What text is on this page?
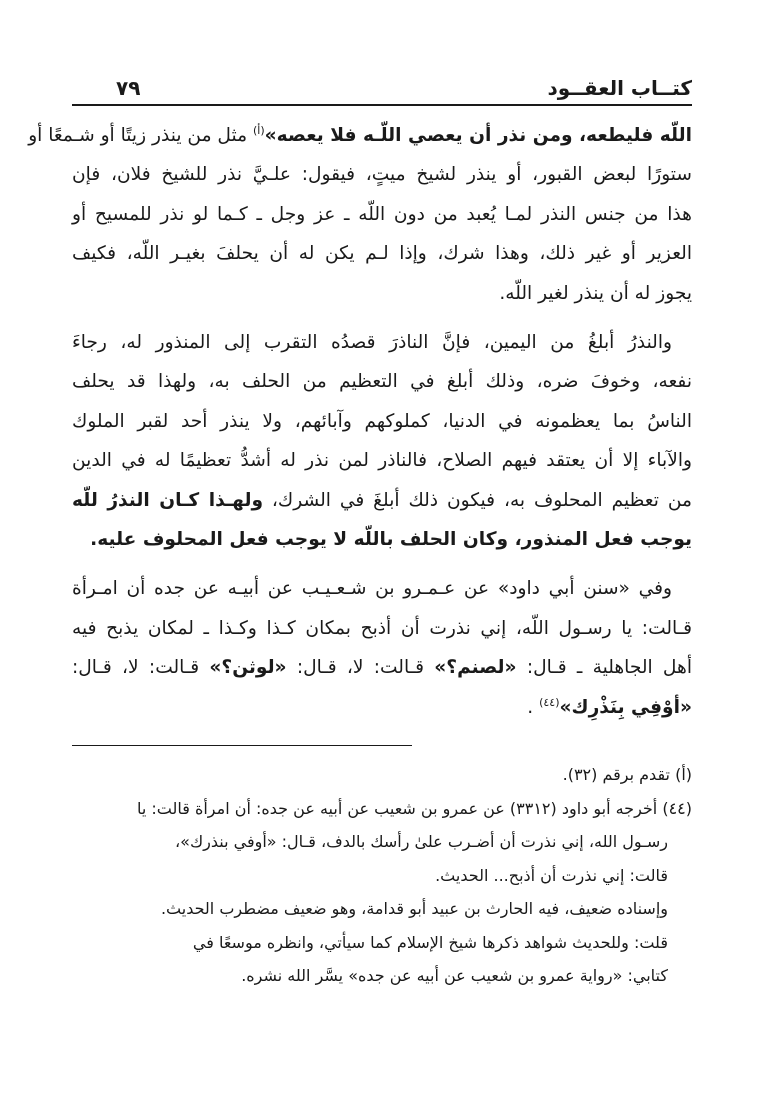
كتــاب العقــود
٧٩

اللّه فليطعه، ومن نذر أن يعصي اللّـه فلا يعصه»$^{(أ)}$ مثل من ينذر زيتًا أو شـمعًا أو
ستورًا لبعض القبور، أو ينذر لشيخ ميتٍ، فيقول: علـيَّ نذر للشيخ فلان، فإن
هذا من جنس النذر لمـا يُعبد من دون اللّه ـ عز وجل ـ كـما لو نذر للمسيح أو
العزير أو غير ذلك، وهذا شرك، وإذا لـم يكن له أن يحلفَ بغيـر اللّه، فكيف
يجوز له أن ينذر لغير اللّه.

والنذرُ أبلغُ من اليمين، فإنَّ الناذرَ قصدُه التقرب إلى المنذور له، رجاءَ
نفعه، وخوفَ ضره، وذلك أبلغ في التعظيم من الحلف به، ولهذا قد يحلف
الناسُ بما يعظمونه في الدنيا، كملوكهم وآبائهم، ولا ينذر أحد لقبر الملوك
والآباء إلا أن يعتقد فيهم الصلاح، فالناذر لمن نذر له أشدُّ تعظيمًا له في الدين
من تعظيم المحلوف به، فيكون ذلك أبلغَ في الشرك، ولهـذا كـان النذرُ للّه
يوجب فعل المنذور، وكان الحلف باللّه لا يوجب فعل المحلوف عليه.

وفي «سنن أبي داود» عن عـمـرو بن شـعـيـب عن أبيـه عن جده أن امـرأة
قـالت: يا رسـول اللّه، إني نذرت أن أذبح بمكان كـذا وكـذا ـ لمكان يذبح فيه
أهل الجاهلية ـ قـال: «لصنم؟» قـالت: لا، قـال: «لوثن؟» قـالت: لا، قـال:
«أوْفِي بِنَذْرِك»$^{(٤٤)}$ .

(أ) تقدم برقم (٣٢).
(٤٤) أخرجه أبو داود (٣٣١٢) عن عمرو بن شعيب عن أبيه عن جده: أن امرأة قالت: يا
رسـول الله، إني نذرت أن أضـرب علىٰ رأسك بالدف، قـال: «أوفي بنذرك»،
قالت: إني نذرت أن أذبح... الحديث.
وإسناده ضعيف، فيه الحارث بن عبيد أبو قدامة، وهو ضعيف مضطرب الحديث.
قلت: وللحديث شواهد ذكرها شيخ الإسلام كما سيأتي، وانظره موسعًا في
كتابي: «رواية عمرو بن شعيب عن أبيه عن جده» يسَّر الله نشره.
